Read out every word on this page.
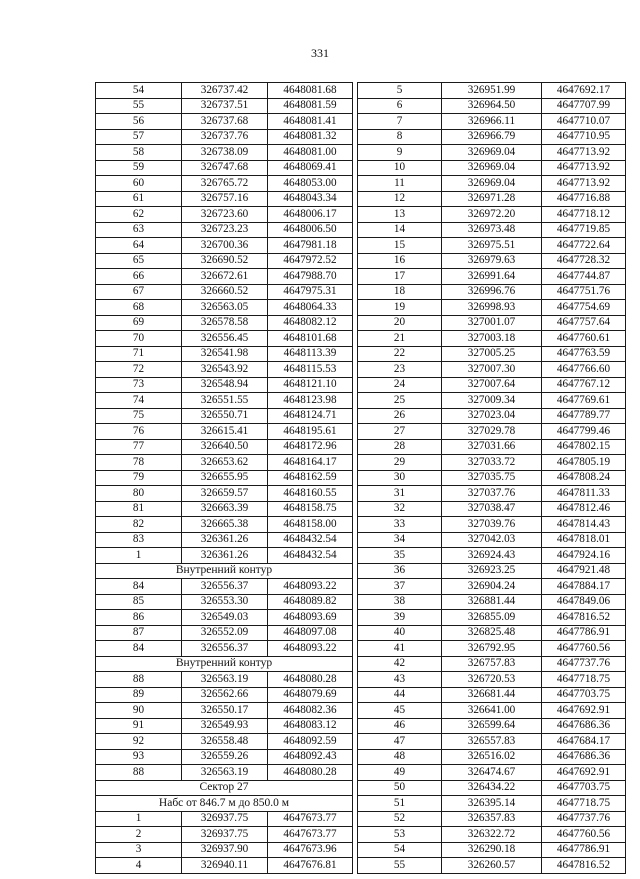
331
54	326737.42	4648081.68
55	326737.51	4648081.59
56	326737.68	4648081.41
57	326737.76	4648081.32
58	326738.09	4648081.00
59	326747.68	4648069.41
60	326765.72	4648053.00
61	326757.16	4648043.34
62	326723.60	4648006.17
63	326723.23	4648006.50
64	326700.36	4647981.18
65	326690.52	4647972.52
66	326672.61	4647988.70
67	326660.52	4647975.31
68	326563.05	4648064.33
69	326578.58	4648082.12
70	326556.45	4648101.68
71	326541.98	4648113.39
72	326543.92	4648115.53
73	326548.94	4648121.10
74	326551.55	4648123.98
75	326550.71	4648124.71
76	326615.41	4648195.61
77	326640.50	4648172.96
78	326653.62	4648164.17
79	326655.95	4648162.59
80	326659.57	4648160.55
81	326663.39	4648158.75
82	326665.38	4648158.00
83	326361.26	4648432.54
1	326361.26	4648432.54
Внутренний контур		
84	326556.37	4648093.22
85	326553.30	4648089.82
86	326549.03	4648093.69
87	326552.09	4648097.08
84	326556.37	4648093.22
Внутренний контур		
88	326563.19	4648080.28
89	326562.66	4648079.69
90	326550.17	4648082.36
91	326549.93	4648083.12
92	326558.48	4648092.59
93	326559.26	4648092.43
88	326563.19	4648080.28
Сектор 27		
Набс от 846.7 м до 850.0 м		
1	326937.75	4647673.77
2	326937.75	4647673.77
3	326937.90	4647673.96
4	326940.11	4647676.81
5	326951.99	4647692.17
6	326964.50	4647707.99
7	326966.11	4647710.07
8	326966.79	4647710.95
9	326969.04	4647713.92
10	326969.04	4647713.92
11	326969.04	4647713.92
12	326971.28	4647716.88
13	326972.20	4647718.12
14	326973.48	4647719.85
15	326975.51	4647722.64
16	326979.63	4647728.32
17	326991.64	4647744.87
18	326996.76	4647751.76
19	326998.93	4647754.69
20	327001.07	4647757.64
21	327003.18	4647760.61
22	327005.25	4647763.59
23	327007.30	4647766.60
24	327007.64	4647767.12
25	327009.34	4647769.61
26	327023.04	4647789.77
27	327029.78	4647799.46
28	327031.66	4647802.15
29	327033.72	4647805.19
30	327035.75	4647808.24
31	327037.76	4647811.33
32	327038.47	4647812.46
33	327039.76	4647814.43
34	327042.03	4647818.01
35	326924.43	4647924.16
36	326923.25	4647921.48
37	326904.24	4647884.17
38	326881.44	4647849.06
39	326855.09	4647816.52
40	326825.48	4647786.91
41	326792.95	4647760.56
42	326757.83	4647737.76
43	326720.53	4647718.75
44	326681.44	4647703.75
45	326641.00	4647692.91
46	326599.64	4647686.36
47	326557.83	4647684.17
48	326516.02	4647686.36
49	326474.67	4647692.91
50	326434.22	4647703.75
51	326395.14	4647718.75
52	326357.83	4647737.76
53	326322.72	4647760.56
54	326290.18	4647786.91
55	326260.57	4647816.52
